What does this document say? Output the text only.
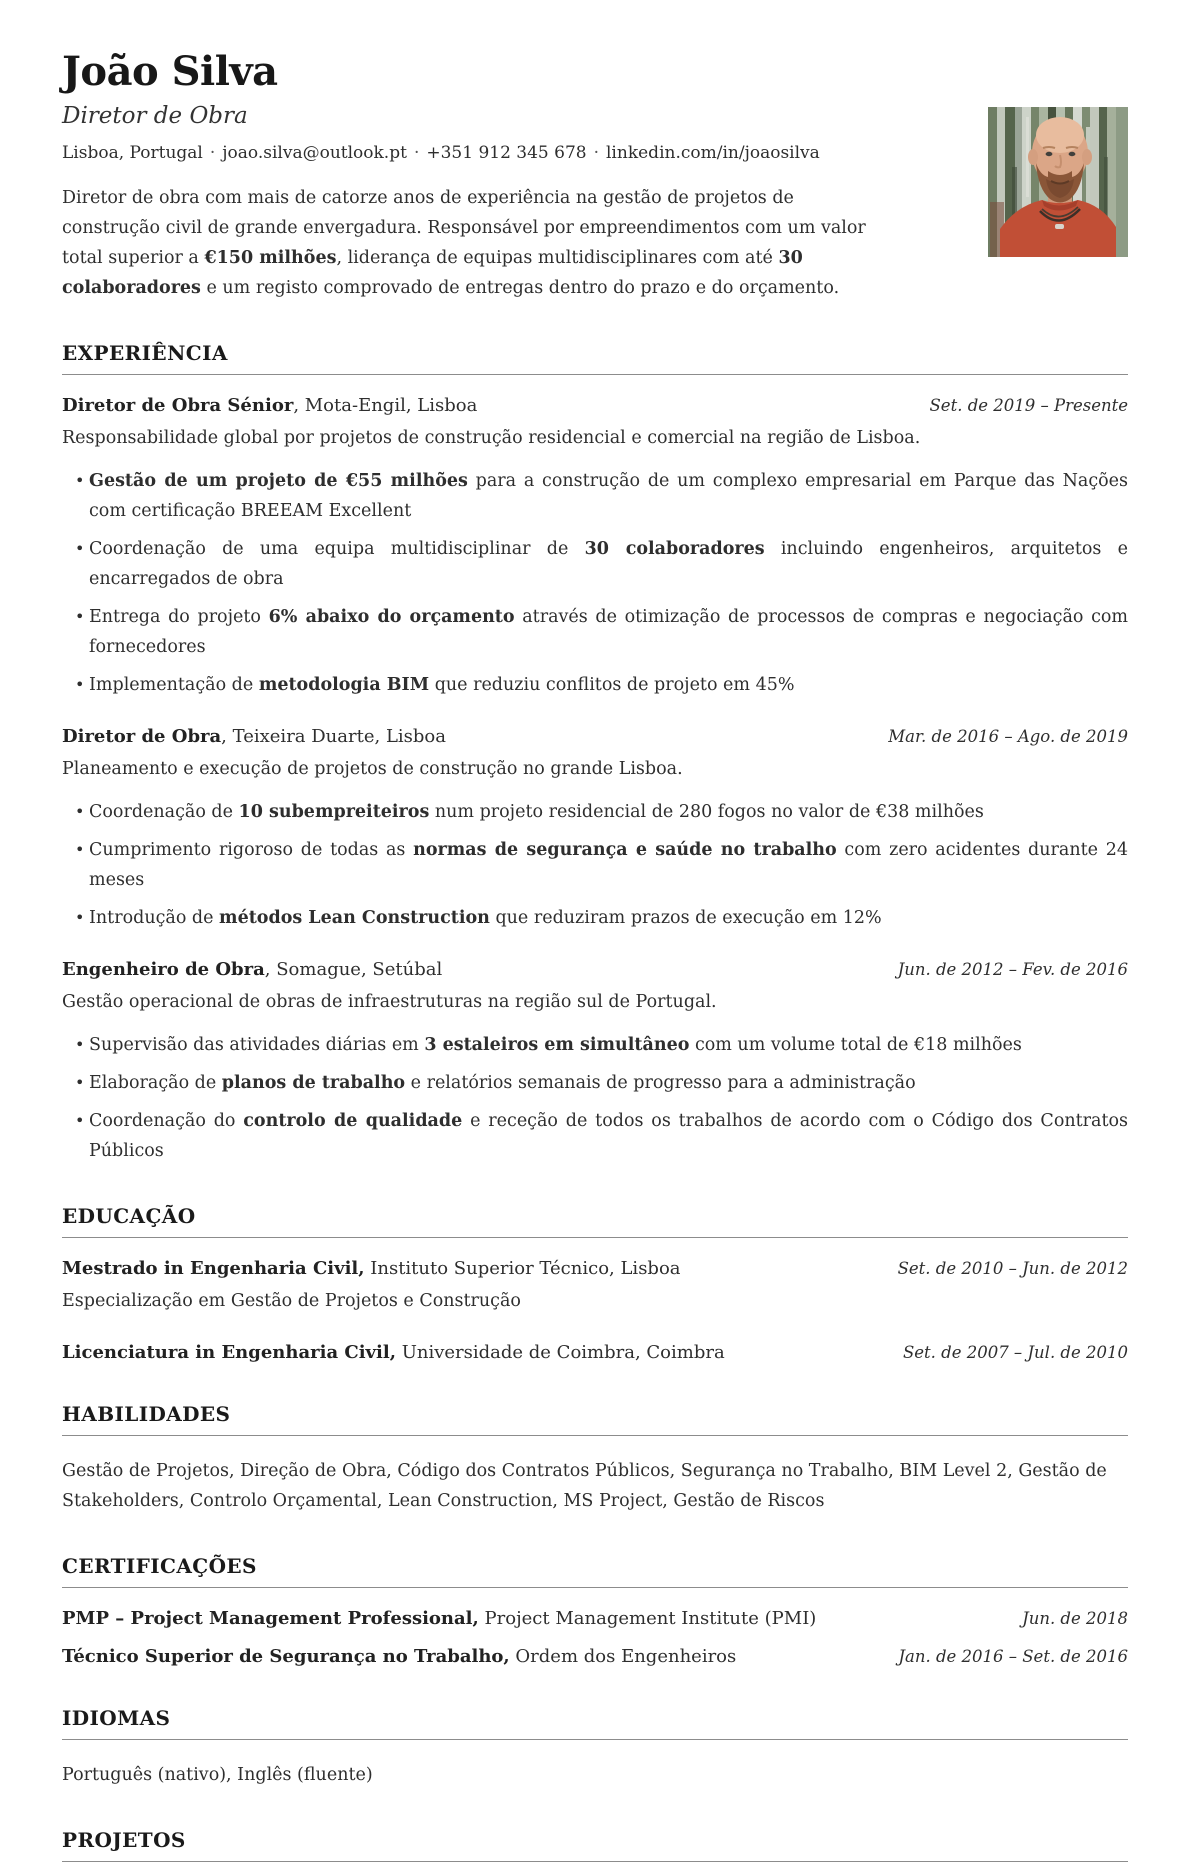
João Silva
Diretor de Obra
Lisboa, Portugal · joao.silva@outlook.pt · +351 912 345 678 · linkedin.com/in/joaosilva

Diretor de obra com mais de catorze anos de experiência na gestão de projetos de construção civil de grande envergadura. Responsável por empreendimentos com um valor total superior a €150 milhões, liderança de equipas multidisciplinares com até 30 colaboradores e um registo comprovado de entregas dentro do prazo e do orçamento.

EXPERIÊNCIA
Diretor de Obra Sénior, Mota-Engil, Lisboa	Set. de 2019 – Presente
Responsabilidade global por projetos de construção residencial e comercial na região de Lisboa.
• Gestão de um projeto de €55 milhões para a construção de um complexo empresarial em Parque das Nações com certificação BREEAM Excellent
• Coordenação de uma equipa multidisciplinar de 30 colaboradores incluindo engenheiros, arquitetos e encarregados de obra
• Entrega do projeto 6% abaixo do orçamento através de otimização de processos de compras e negociação com fornecedores
• Implementação de metodologia BIM que reduziu conflitos de projeto em 45%
Diretor de Obra, Teixeira Duarte, Lisboa	Mar. de 2016 – Ago. de 2019
Planeamento e execução de projetos de construção no grande Lisboa.
• Coordenação de 10 subempreiteiros num projeto residencial de 280 fogos no valor de €38 milhões
• Cumprimento rigoroso de todas as normas de segurança e saúde no trabalho com zero acidentes durante 24 meses
• Introdução de métodos Lean Construction que reduziram prazos de execução em 12%
Engenheiro de Obra, Somague, Setúbal	Jun. de 2012 – Fev. de 2016
Gestão operacional de obras de infraestruturas na região sul de Portugal.
• Supervisão das atividades diárias em 3 estaleiros em simultâneo com um volume total de €18 milhões
• Elaboração de planos de trabalho e relatórios semanais de progresso para a administração
• Coordenação do controlo de qualidade e receção de todos os trabalhos de acordo com o Código dos Contratos Públicos
EDUCAÇÃO
Mestrado in Engenharia Civil, Instituto Superior Técnico, Lisboa	Set. de 2010 – Jun. de 2012
Especialização em Gestão de Projetos e Construção
Licenciatura in Engenharia Civil, Universidade de Coimbra, Coimbra	Set. de 2007 – Jul. de 2010
HABILIDADES

Gestão de Projetos, Direção de Obra, Código dos Contratos Públicos, Segurança no Trabalho, BIM Level 2, Gestão de Stakeholders, Controlo Orçamental, Lean Construction, MS Project, Gestão de Riscos

CERTIFICAÇÕES
PMP – Project Management Professional, Project Management Institute (PMI)	Jun. de 2018
Técnico Superior de Segurança no Trabalho, Ordem dos Engenheiros	Jan. de 2016 – Set. de 2016
IDIOMAS

Português (nativo), Inglês (fluente)

PROJETOS
